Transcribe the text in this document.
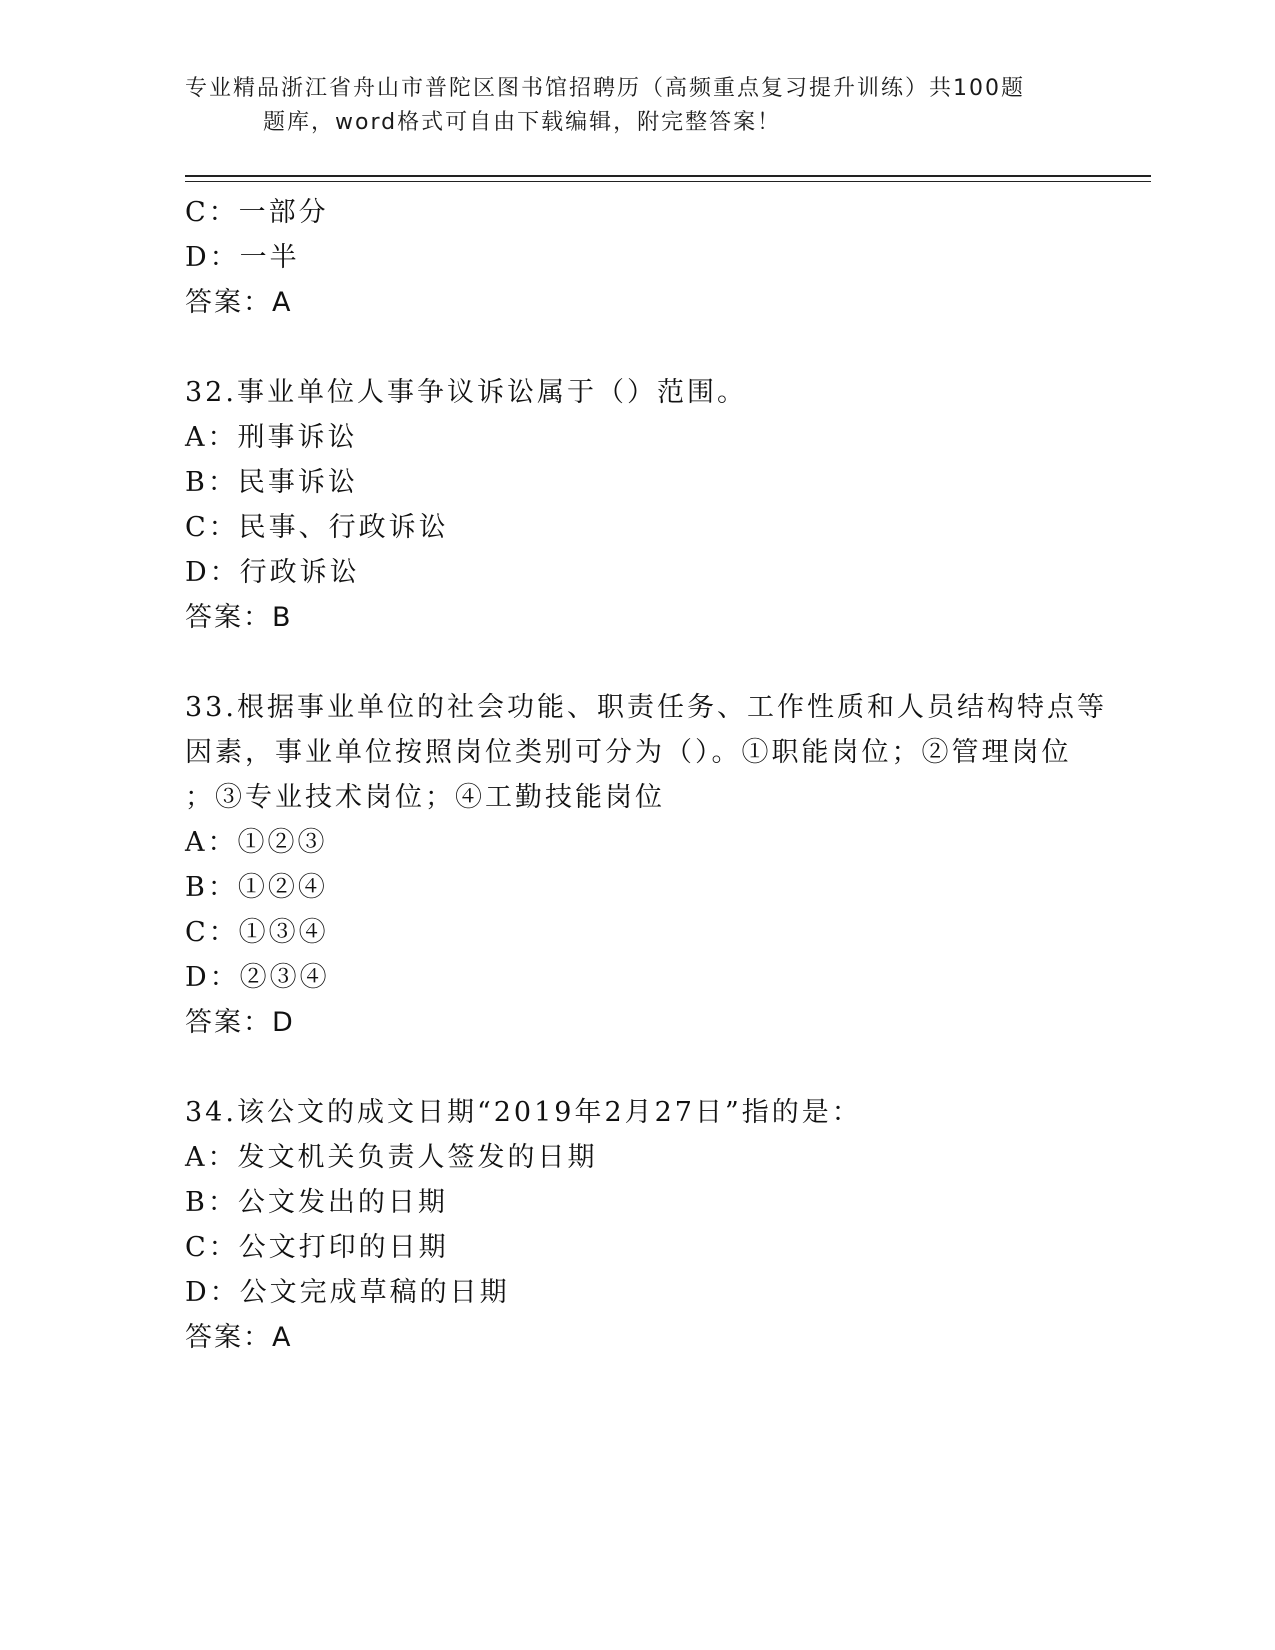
专业精品浙江省舟山市普陀区图书馆招聘历（高频重点复习提升训练）共100题
题库，word格式可自由下载编辑，附完整答案！
C：一部分
D：一半
答案：A
32.事业单位人事争议诉讼属于（）范围。
A：刑事诉讼
B：民事诉讼
C：民事、行政诉讼
D：行政诉讼
答案：B
33.根据事业单位的社会功能、职责任务、工作性质和人员结构特点等
因素，事业单位按照岗位类别可分为（）。①职能岗位；②管理岗位
；③专业技术岗位；④工勤技能岗位
A：①②③
B：①②④
C：①③④
D：②③④
答案：D
34.该公文的成文日期“2019年2月27日”指的是：
A：发文机关负责人签发的日期
B：公文发出的日期
C：公文打印的日期
D：公文完成草稿的日期
答案：A
